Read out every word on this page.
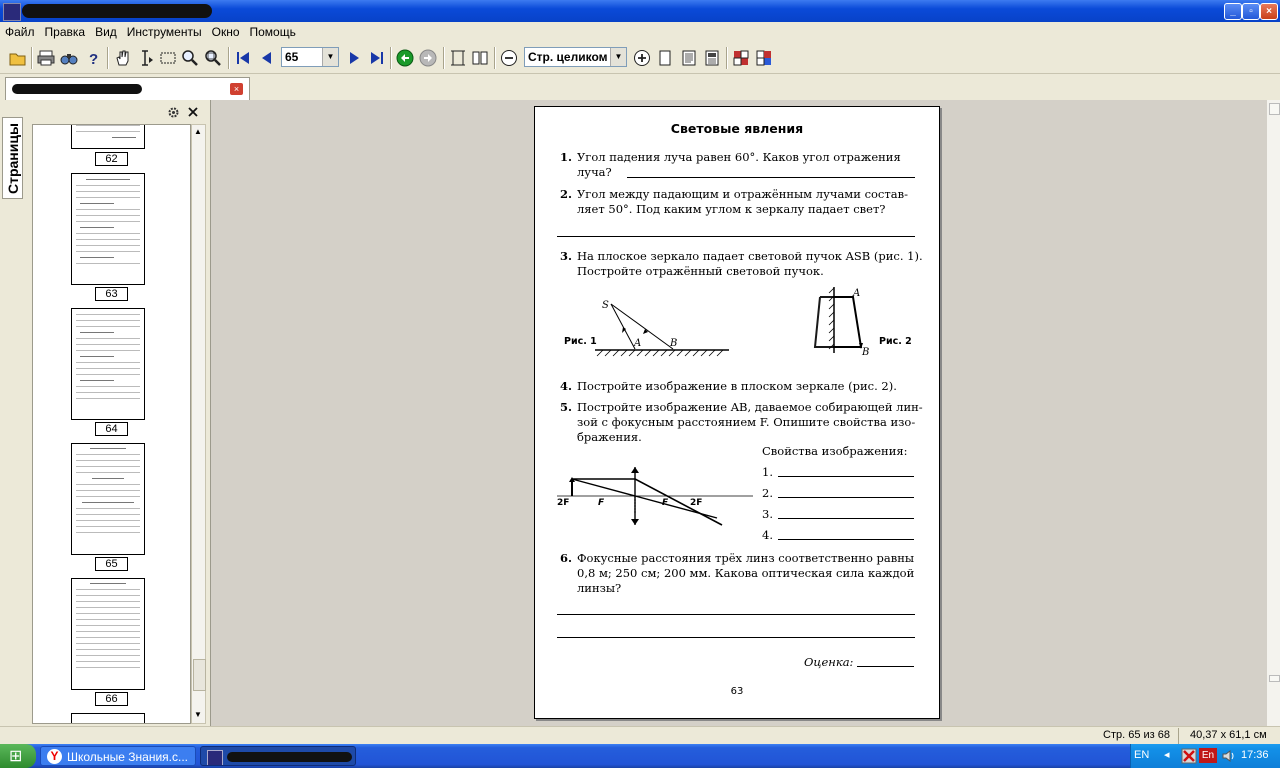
_	▫	×
Файл Правка Вид Инструменты Окно Помощь
?	65	▼	Стр. целиком ▼
×
Страницы	62
63
64
65
66
▲
▼
Световые явления
1. Угол падения луча равен 60°. Каков угол отражения
луча?
2. Угол между падающим и отражённым лучами состав-
ляет 50°. Под каким углом к зеркалу падает свет?
3. На плоское зеркало падает световой пучок ASB (рис. 1).
Постройте отражённый световой пучок.
Рис. 1
S
A	B
A
B
Рис. 2
4. Постройте изображение в плоском зеркале (рис. 2).
5. Постройте изображение AB, даваемое собирающей лин-
зой с фокусным расстоянием F. Опишите свойства изо-
бражения.
2F	F	F 2F
Свойства изображения:
1.
2.
3.
4.
6. Фокусные расстояния трёх линз соответственно равны
0,8 м; 250 см; 200 мм. Какова оптическая сила каждой
линзы?
Оценка:
63
Стр. 65 из 68 40,37 x 61,1 см
⊞ Y Школьные Знания.c...	EN ◂	En 17:36
